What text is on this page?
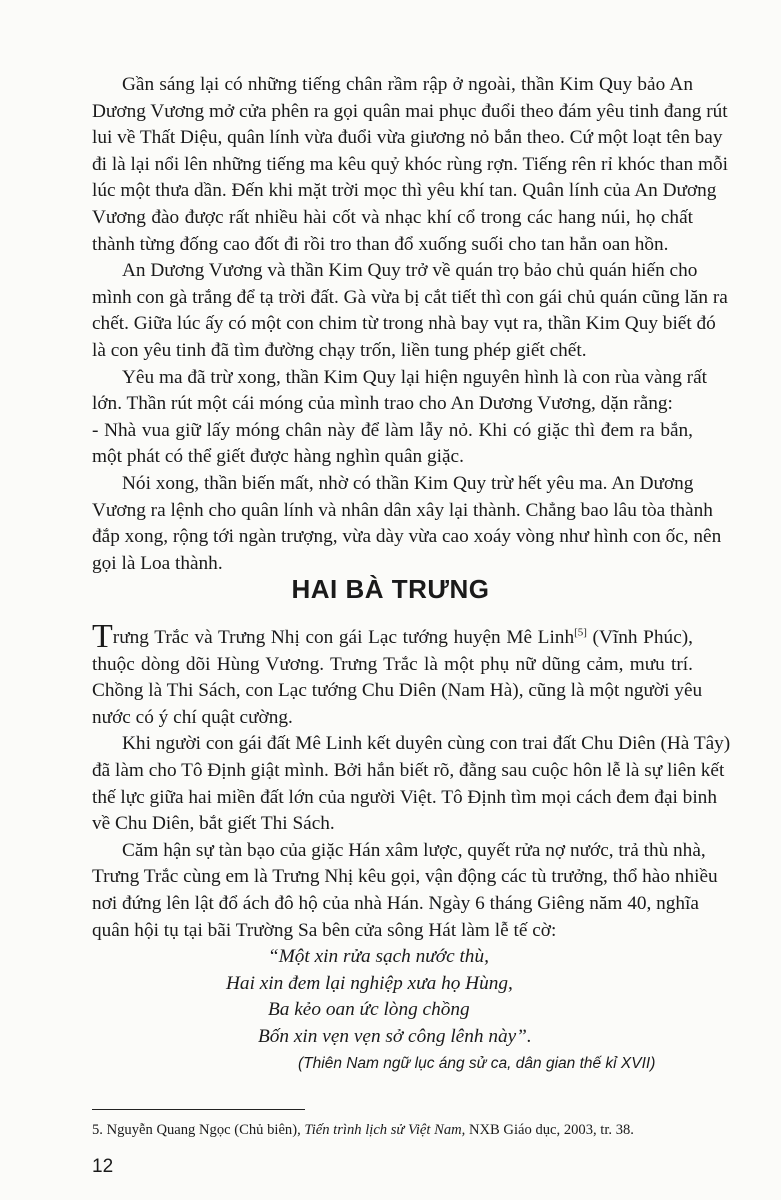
Gần sáng lại có những tiếng chân rầm rập ở ngoài, thần Kim Quy bảo An
Dương Vương mở cửa phên ra gọi quân mai phục đuổi theo đám yêu tinh đang rút
lui về Thất Diệu, quân lính vừa đuổi vừa giương nỏ bắn theo. Cứ một loạt tên bay
đi là lại nổi lên những tiếng ma kêu quỷ khóc rùng rợn. Tiếng rên rỉ khóc than mỗi
lúc một thưa dần. Đến khi mặt trời mọc thì yêu khí tan. Quân lính của An Dương
Vương đào được rất nhiều hài cốt và nhạc khí cổ trong các hang núi, họ chất
thành từng đống cao đốt đi rồi tro than đổ xuống suối cho tan hẳn oan hồn.
An Dương Vương và thần Kim Quy trở về quán trọ bảo chủ quán hiến cho
mình con gà trắng để tạ trời đất. Gà vừa bị cắt tiết thì con gái chủ quán cũng lăn ra
chết. Giữa lúc ấy có một con chim từ trong nhà bay vụt ra, thần Kim Quy biết đó
là con yêu tinh đã tìm đường chạy trốn, liền tung phép giết chết.
Yêu ma đã trừ xong, thần Kim Quy lại hiện nguyên hình là con rùa vàng rất
lớn. Thần rút một cái móng của mình trao cho An Dương Vương, dặn rằng:
- Nhà vua giữ lấy móng chân này để làm lẫy nỏ. Khi có giặc thì đem ra bắn,
một phát có thể giết được hàng nghìn quân giặc.
Nói xong, thần biến mất, nhờ có thần Kim Quy trừ hết yêu ma. An Dương
Vương ra lệnh cho quân lính và nhân dân xây lại thành. Chẳng bao lâu tòa thành
đắp xong, rộng tới ngàn trượng, vừa dày vừa cao xoáy vòng như hình con ốc, nên
gọi là Loa thành.
HAI BÀ TRƯNG
Trưng Trắc và Trưng Nhị con gái Lạc tướng huyện Mê Linh[5] (Vĩnh Phúc),
thuộc dòng dõi Hùng Vương. Trưng Trắc là một phụ nữ dũng cảm, mưu trí.
Chồng là Thi Sách, con Lạc tướng Chu Diên (Nam Hà), cũng là một người yêu
nước có ý chí quật cường.
Khi người con gái đất Mê Linh kết duyên cùng con trai đất Chu Diên (Hà Tây)
đã làm cho Tô Định giật mình. Bởi hắn biết rõ, đằng sau cuộc hôn lễ là sự liên kết
thế lực giữa hai miền đất lớn của người Việt. Tô Định tìm mọi cách đem đại binh
về Chu Diên, bắt giết Thi Sách.
Căm hận sự tàn bạo của giặc Hán xâm lược, quyết rửa nợ nước, trả thù nhà,
Trưng Trắc cùng em là Trưng Nhị kêu gọi, vận động các tù trưởng, thổ hào nhiều
nơi đứng lên lật đổ ách đô hộ của nhà Hán. Ngày 6 tháng Giêng năm 40, nghĩa
quân hội tụ tại bãi Trường Sa bên cửa sông Hát làm lễ tế cờ:
“Một xin rửa sạch nước thù,
Hai xin đem lại nghiệp xưa họ Hùng,
Ba kẻo oan ức lòng chồng
Bốn xin vẹn vẹn sở công lênh này”.
(Thiên Nam ngữ lục áng sử ca, dân gian thế kỉ XVII)
5. Nguyễn Quang Ngọc (Chủ biên), Tiến trình lịch sử Việt Nam, NXB Giáo dục, 2003, tr. 38.
12
